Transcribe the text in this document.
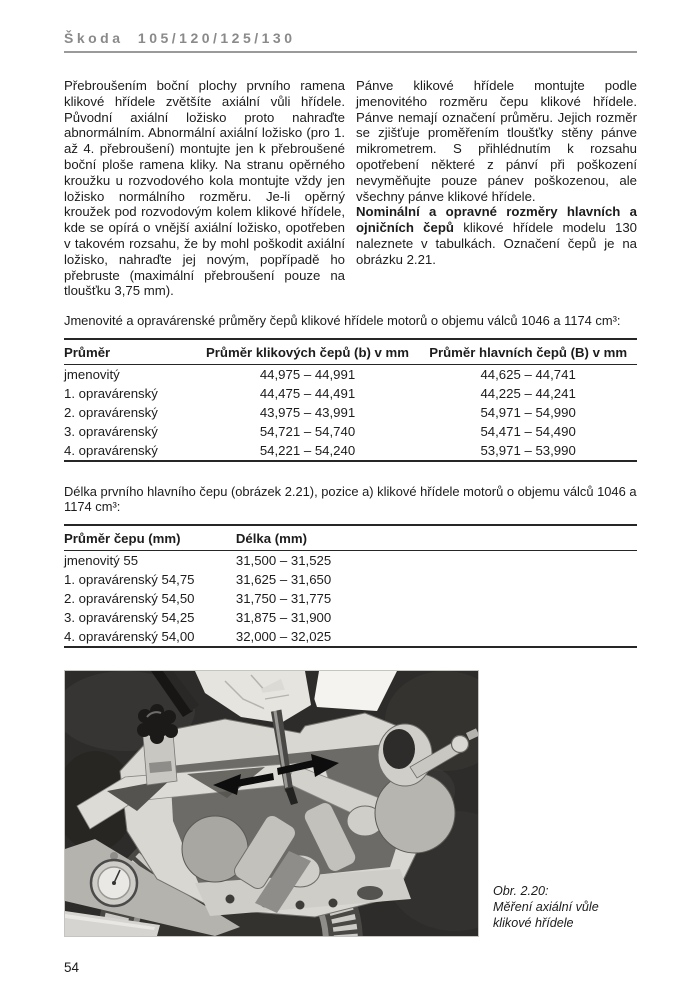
Škoda 105/120/125/130

Přebroušením boční plochy prvního ramena klikové hřídele zvětšíte axiální vůli hřídele. Původní axiální ložisko proto nahraďte abnormálním. Abnormální axiální ložisko (pro 1. až 4. přebroušení) montujte jen k přebroušené boční ploše ramena kliky. Na stranu opěrného kroužku u rozvodového kola montujte vždy jen ložisko normálního rozměru. Je-li opěrný kroužek pod rozvodovým kolem klikové hřídele, kde se opírá o vnější axiální ložisko, opotřeben v takovém rozsahu, že by mohl poškodit axiální ložisko, nahraďte jej novým, popřípadě ho přebruste (maximální přebroušení pouze na tloušťku 3,75 mm).

Pánve klikové hřídele montujte podle jmenovitého rozměru čepu klikové hřídele. Pánve nemají označení průměru. Jejich rozměr se zjišťuje proměřením tloušťky stěny pánve mikrometrem. S přihlédnutím k rozsahu opotřebení některé z pánví při poškození nevyměňujte pouze pánev poškozenou, ale všechny pánve klikové hřídele.

Nominální a opravné rozměry hlavních a ojničních čepů klikové hřídele modelu 130 naleznete v tabulkách. Označení čepů je na obrázku 2.21.

Jmenovité a opravárenské průměry čepů klikové hřídele motorů o objemu válců 1046 a 1174 cm³:

Průměr	Průměr klikových čepů (b) v mm	Průměr hlavních čepů (B) v mm
jmenovitý	44,975 – 44,991	44,625 – 44,741
1. opravárenský	44,475 – 44,491	44,225 – 44,241
2. opravárenský	43,975 – 43,991	54,971 – 54,990
3. opravárenský	54,721 – 54,740	54,471 – 54,490
4. opravárenský	54,221 – 54,240	53,971 – 53,990

Délka prvního hlavního čepu (obrázek 2.21), pozice a) klikové hřídele motorů o objemu válců 1046 a 1174 cm³:

Průměr čepu (mm)	Délka (mm)
jmenovitý 55	31,500 – 31,525
1. opravárenský 54,75	31,625 – 31,650
2. opravárenský 54,50	31,750 – 31,775
3. opravárenský 54,25	31,875 – 31,900
4. opravárenský 54,00	32,000 – 32,025
Obr. 2.20:
Měření axiální vůle
klikové hřídele
54
